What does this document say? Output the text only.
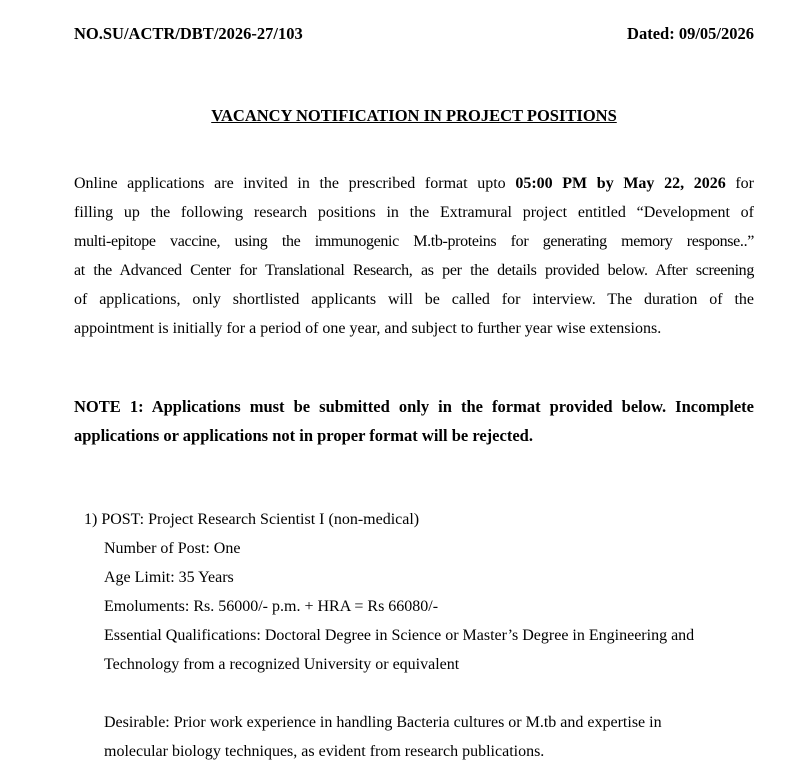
NO.SU/ACTR/DBT/2026-27/103	Dated: 09/05/2026
VACANCY NOTIFICATION IN PROJECT POSITIONS
Online applications are invited in the prescribed format upto 05:00 PM by May 22, 2026 for
filling up the following research positions in the Extramural project entitled “Development of
multi-epitope vaccine, using the immunogenic M.tb-proteins for generating memory response..”
at the Advanced Center for Translational Research, as per the details provided below. After screening
of applications, only shortlisted applicants will be called for interview. The duration of the
appointment is initially for a period of one year, and subject to further year wise extensions.
NOTE 1: Applications must be submitted only in the format provided below. Incomplete
applications or applications not in proper format will be rejected.
1) POST: Project Research Scientist I (non-medical)
Number of Post: One
Age Limit: 35 Years
Emoluments: Rs. 56000/- p.m. + HRA = Rs 66080/-
Essential Qualifications: Doctoral Degree in Science or Master’s Degree in Engineering and
Technology from a recognized University or equivalent
Desirable: Prior work experience in handling Bacteria cultures or M.tb and expertise in
molecular biology techniques, as evident from research publications.
